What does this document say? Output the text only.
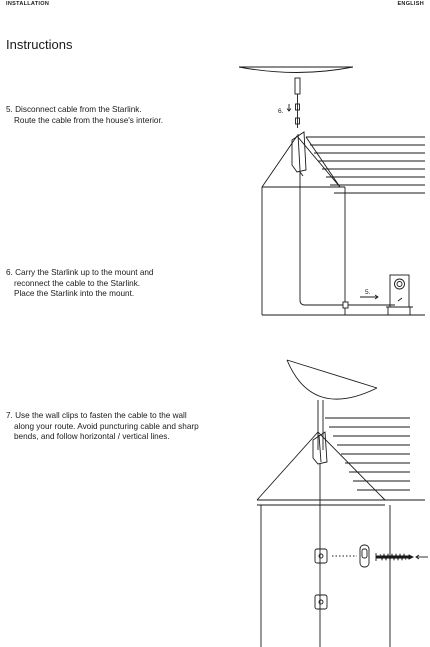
INSTALLATION	ENGLISH
Instructions
5. Disconnect cable from the Starlink.
Route the cable from the house's interior.
6. Carry the Starlink up to the mount and
reconnect the cable to the Starlink.
Place the Starlink into the mount.
7. Use the wall clips to fasten the cable to the wall
along your route. Avoid puncturing cable and sharp
bends, and follow horizontal / vertical lines.
6.
5.
